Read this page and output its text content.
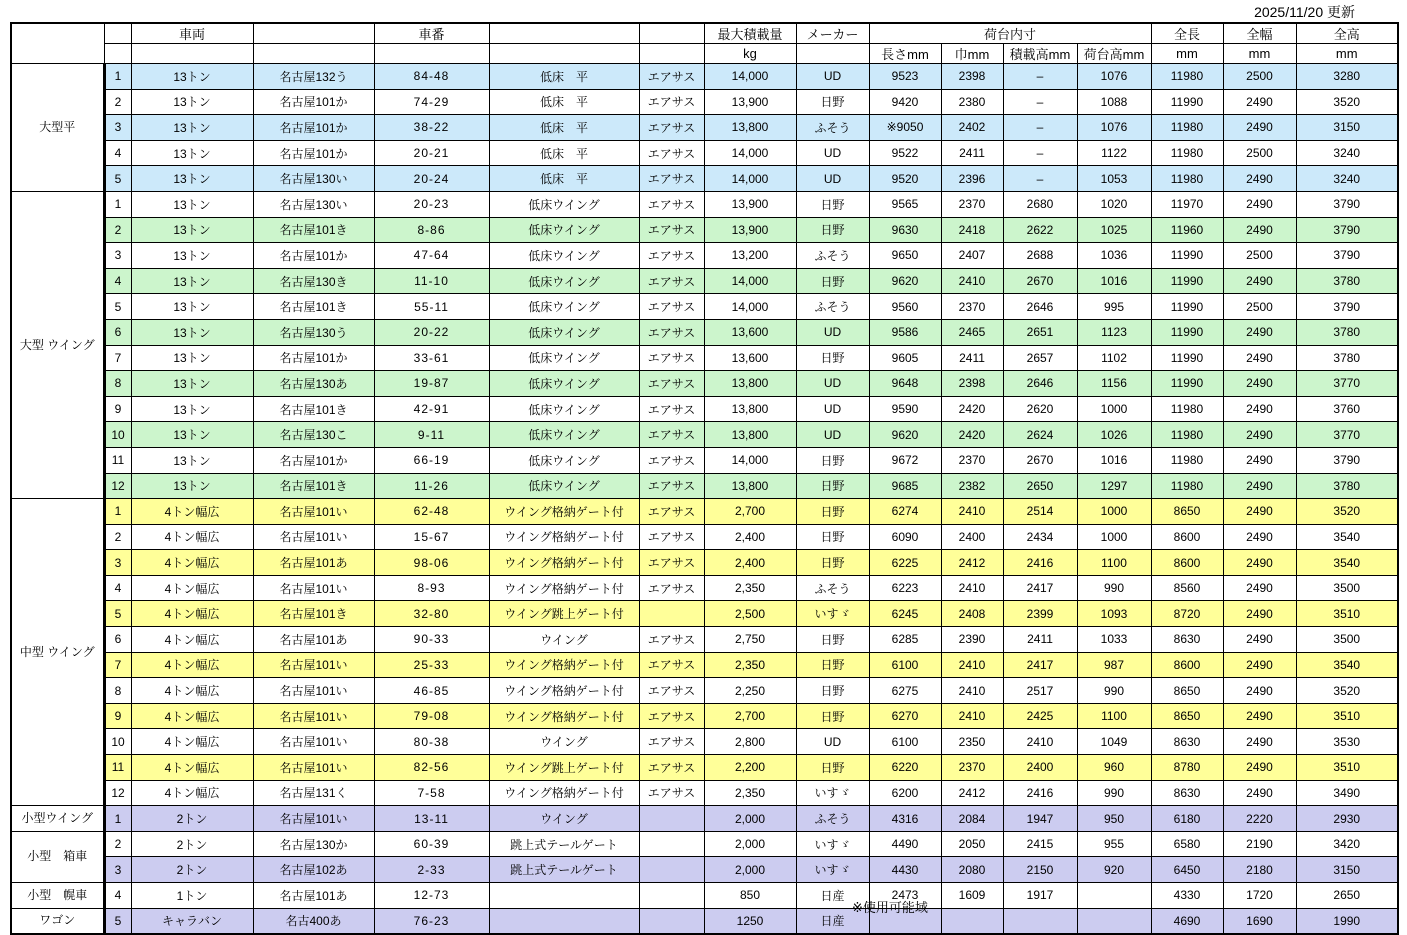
2025/11/20 更新
		車両		車番			最大積載量	メーカー	荷台内寸				全長	全幅	全高
							kg		長さmm	巾mm	積載高mm	荷台高mm	mm	mm	mm
大型平	1	13トン	名古屋132う	84-48	低床　平	エアサス	14,000	UD	9523	2398	–	1076	11980	2500	3280
	2	13トン	名古屋101か	74-29	低床　平	エアサス	13,900	日野	9420	2380	–	1088	11990	2490	3520
	3	13トン	名古屋101か	38-22	低床　平	エアサス	13,800	ふそう	※9050	2402	–	1076	11980	2490	3150
	4	13トン	名古屋101か	20-21	低床　平	エアサス	14,000	UD	9522	2411	–	1122	11980	2500	3240
	5	13トン	名古屋130い	20-24	低床　平	エアサス	14,000	UD	9520	2396	–	1053	11980	2490	3240
大型 ウイング	1	13トン	名古屋130い	20-23	低床ウイング	エアサス	13,900	日野	9565	2370	2680	1020	11970	2490	3790
	2	13トン	名古屋101き	8-86	低床ウイング	エアサス	13,900	日野	9630	2418	2622	1025	11960	2490	3790
	3	13トン	名古屋101か	47-64	低床ウイング	エアサス	13,200	ふそう	9650	2407	2688	1036	11990	2500	3790
	4	13トン	名古屋130き	11-10	低床ウイング	エアサス	14,000	日野	9620	2410	2670	1016	11990	2490	3780
	5	13トン	名古屋101き	55-11	低床ウイング	エアサス	14,000	ふそう	9560	2370	2646	995	11990	2500	3790
	6	13トン	名古屋130う	20-22	低床ウイング	エアサス	13,600	UD	9586	2465	2651	1123	11990	2490	3780
	7	13トン	名古屋101か	33-61	低床ウイング	エアサス	13,600	日野	9605	2411	2657	1102	11990	2490	3780
	8	13トン	名古屋130あ	19-87	低床ウイング	エアサス	13,800	UD	9648	2398	2646	1156	11990	2490	3770
	9	13トン	名古屋101き	42-91	低床ウイング	エアサス	13,800	UD	9590	2420	2620	1000	11980	2490	3760
	10	13トン	名古屋130こ	9-11	低床ウイング	エアサス	13,800	UD	9620	2420	2624	1026	11980	2490	3770
	11	13トン	名古屋101か	66-19	低床ウイング	エアサス	14,000	日野	9672	2370	2670	1016	11980	2490	3790
	12	13トン	名古屋101き	11-26	低床ウイング	エアサス	13,800	日野	9685	2382	2650	1297	11980	2490	3780
中型 ウイング	1	4トン幅広	名古屋101い	62-48	ウイング格納ゲート付	エアサス	2,700	日野	6274	2410	2514	1000	8650	2490	3520
	2	4トン幅広	名古屋101い	15-67	ウイング格納ゲート付	エアサス	2,400	日野	6090	2400	2434	1000	8600	2490	3540
	3	4トン幅広	名古屋101あ	98-06	ウイング格納ゲート付	エアサス	2,400	日野	6225	2412	2416	1100	8600	2490	3540
	4	4トン幅広	名古屋101い	8-93	ウイング格納ゲート付	エアサス	2,350	ふそう	6223	2410	2417	990	8560	2490	3500
	5	4トン幅広	名古屋101き	32-80	ウイング跳上ゲート付		2,500	いすゞ	6245	2408	2399	1093	8720	2490	3510
	6	4トン幅広	名古屋101あ	90-33	ウイング	エアサス	2,750	日野	6285	2390	2411	1033	8630	2490	3500
	7	4トン幅広	名古屋101い	25-33	ウイング格納ゲート付	エアサス	2,350	日野	6100	2410	2417	987	8600	2490	3540
	8	4トン幅広	名古屋101い	46-85	ウイング格納ゲート付	エアサス	2,250	日野	6275	2410	2517	990	8650	2490	3520
	9	4トン幅広	名古屋101い	79-08	ウイング格納ゲート付	エアサス	2,700	日野	6270	2410	2425	1100	8650	2490	3510
	10	4トン幅広	名古屋101い	80-38	ウイング	エアサス	2,800	UD	6100	2350	2410	1049	8630	2490	3530
	11	4トン幅広	名古屋101い	82-56	ウイング跳上ゲート付	エアサス	2,200	日野	6220	2370	2400	960	8780	2490	3510
	12	4トン幅広	名古屋131く	7-58	ウイング格納ゲート付	エアサス	2,350	いすゞ	6200	2412	2416	990	8630	2490	3490
小型ウイング	1	2トン	名古屋101い	13-11	ウイング		2,000	ふそう	4316	2084	1947	950	6180	2220	2930
小型　箱車	2	2トン	名古屋130か	60-39	跳上式テールゲート		2,000	いすゞ	4490	2050	2415	955	6580	2190	3420
	3	2トン	名古屋102あ	2-33	跳上式テールゲート		2,000	いすゞ	4430	2080	2150	920	6450	2180	3150
小型　幌車	4	1トン	名古屋101あ	12-73			850	日産	2473	1609	1917		4330	1720	2650
ワゴン	5	キャラバン	名古400あ	76-23			1250	日産					4690	1690	1990
※使用可能域
